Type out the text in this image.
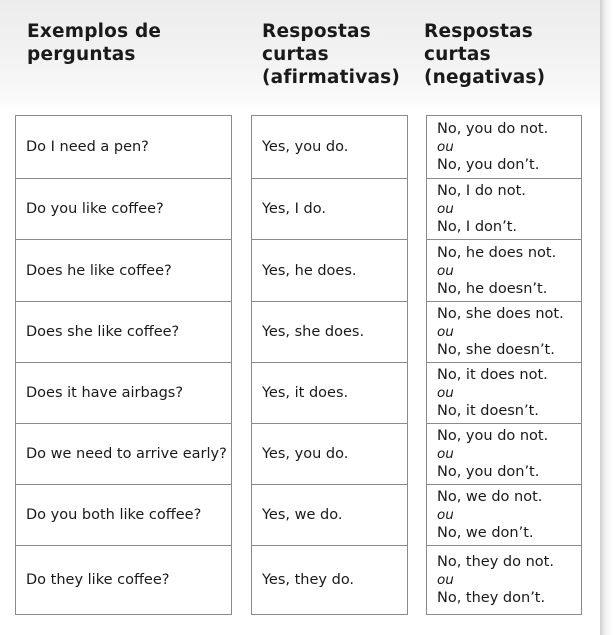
Exemplos de
perguntas
Respostas
curtas
(afirmativas)
Respostas
curtas
(negativas)
Do I need a pen?
Do you like coffee?
Does he like coffee?
Does she like coffee?
Does it have airbags?
Do we need to arrive early?
Do you both like coffee?
Do they like coffee?
Yes, you do.
Yes, I do.
Yes, he does.
Yes, she does.
Yes, it does.
Yes, you do.
Yes, we do.
Yes, they do.
No, you do not.
ou
No, you don’t.
No, I do not.
ou
No, I don’t.
No, he does not.
ou
No, he doesn’t.
No, she does not.
ou
No, she doesn’t.
No, it does not.
ou
No, it doesn’t.
No, you do not.
ou
No, you don’t.
No, we do not.
ou
No, we don’t.
No, they do not.
ou
No, they don’t.
